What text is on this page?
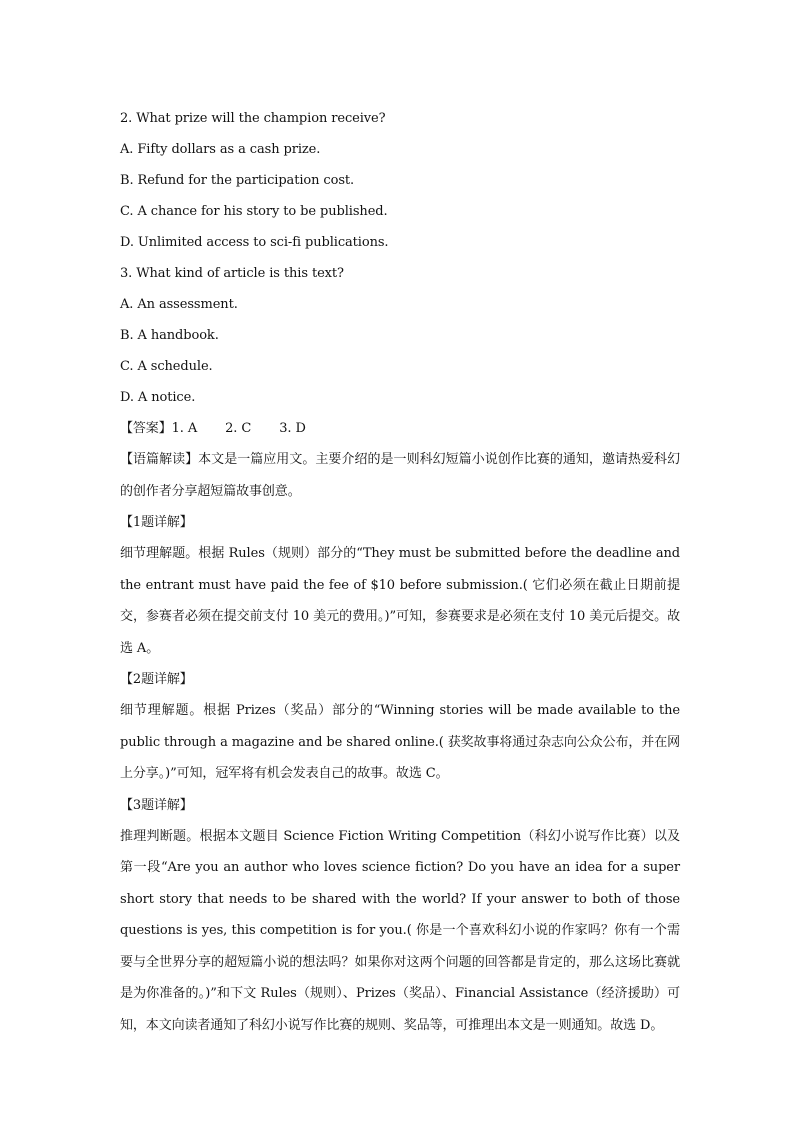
2. What prize will the champion receive?
A. Fifty dollars as a cash prize.
B. Refund for the participation cost.
C. A chance for his story to be published.
D. Unlimited access to sci-fi publications.
3. What kind of article is this text?
A. An assessment.
B. A handbook.
C. A schedule.
D. A notice.
【答案】1. A 2. C 3. D
【语篇解读】本文是一篇应用文。主要介绍的是一则科幻短篇小说创作比赛的通知，邀请热爱科幻的创作者分享超短篇故事创意。
【1题详解】
细节理解题。根据 Rules（规则）部分的“They must be submitted before the deadline and the entrant must have paid the fee of $10 before submission.( 它们必须在截止日期前提交，参赛者必须在提交前支付 10 美元的费用。)”可知，参赛要求是必须在支付 10 美元后提交。故选 A。
【2题详解】
细节理解题。根据 Prizes（奖品）部分的“Winning stories will be made available to the public through a magazine and be shared online.( 获奖故事将通过杂志向公众公布，并在网上分享。)”可知，冠军将有机会发表自己的故事。故选 C。
【3题详解】
推理判断题。根据本文题目 Science Fiction Writing Competition（科幻小说写作比赛）以及第一段“Are you an author who loves science fiction? Do you have an idea for a super short story that needs to be shared with the world? If your answer to both of those questions is yes, this competition is for you.( 你是一个喜欢科幻小说的作家吗？你有一个需要与全世界分享的超短篇小说的想法吗？如果你对这两个问题的回答都是肯定的，那么这场比赛就是为你准备的。)”和下文 Rules（规则）、Prizes（奖品）、Financial Assistance（经济援助）可知，本文向读者通知了科幻小说写作比赛的规则、奖品等，可推理出本文是一则通知。故选 D。
